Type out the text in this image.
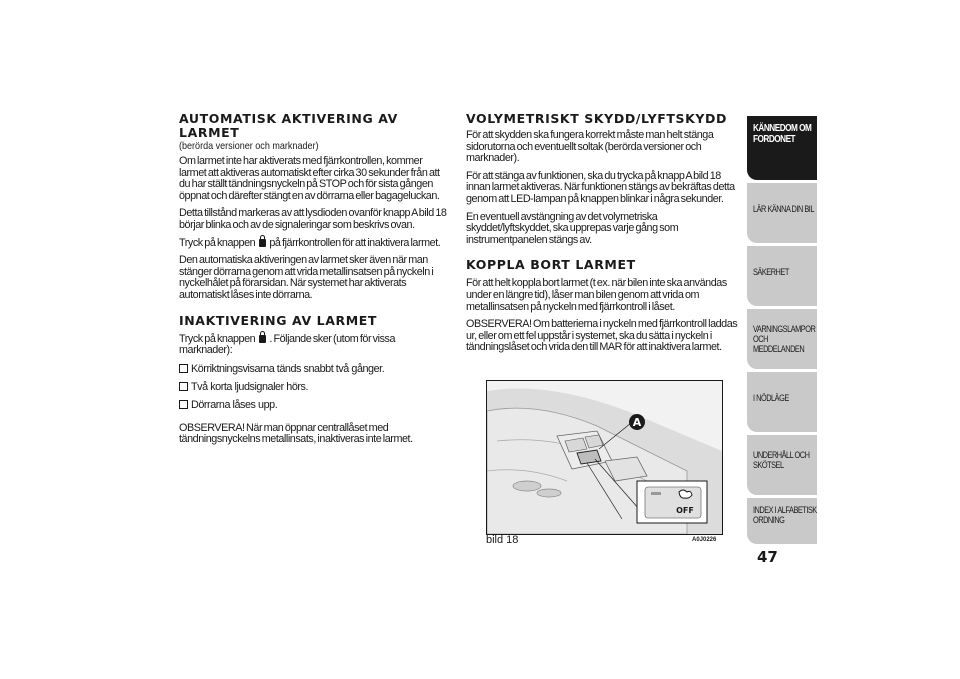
AUTOMATISK AKTIVERING AV LARMET
(berörda versioner och marknader)

Om larmet inte har aktiverats med fjärrkontrollen, kommer larmet att aktiveras automatiskt efter cirka 30 sekunder från att du har ställt tändningsnyckeln på STOP och för sista gången öppnat och därefter stängt en av dörrarna eller bagageluckan.

Detta tillstånd markeras av att lysdioden ovanför knapp A bild 18 börjar blinka och av de signaleringar som beskrivs ovan.

Tryck på knappen på fjärrkontrollen för att inaktivera larmet.

Den automatiska aktiveringen av larmet sker även när man stänger dörrarna genom att vrida metallinsatsen på nyckeln i nyckelhålet på förarsidan. När systemet har aktiverats automatiskt låses inte dörrarna.

INAKTIVERING AV LARMET

Tryck på knappen . Följande sker (utom för vissa marknader):

Körriktningsvisarna tänds snabbt två gånger.
Två korta ljudsignaler hörs.
Dörrarna låses upp.

OBSERVERA! När man öppnar centrallåset med tändningsnyckelns metallinsats, inaktiveras inte larmet.

VOLYMETRISKT SKYDD/LYFTSKYDD

För att skydden ska fungera korrekt måste man helt stänga sidorutorna och eventuellt soltak (berörda versioner och marknader).

För att stänga av funktionen, ska du trycka på knapp A bild 18 innan larmet aktiveras. När funktionen stängs av bekräftas detta genom att LED-lampan på knappen blinkar i några sekunder.

En eventuell avstängning av det volymetriska skyddet/lyftskyddet, ska upprepas varje gång som instrumentpanelen stängs av.

KOPPLA BORT LARMET

För att helt koppla bort larmet (t ex. när bilen inte ska användas under en längre tid), låser man bilen genom att vrida om metallinsatsen på nyckeln med fjärrkontroll i låset.

OBSERVERA! Om batterierna i nyckeln med fjärrkontroll laddas ur, eller om ett fel uppstår i systemet, ska du sätta i nyckeln i tändningslåset och vrida den till MAR för att inaktivera larmet.

A
OFF
bild 18	A0J0226
KÄNNEDOM OM FORDONET
LÄR KÄNNA DIN BIL
SÄKERHET
VARNINGSLAMPOR OCH MEDDELANDEN
I NÖDLÄGE
UNDERHÅLL OCH SKÖTSEL
INDEX I ALFABETISK ORDNING
47
